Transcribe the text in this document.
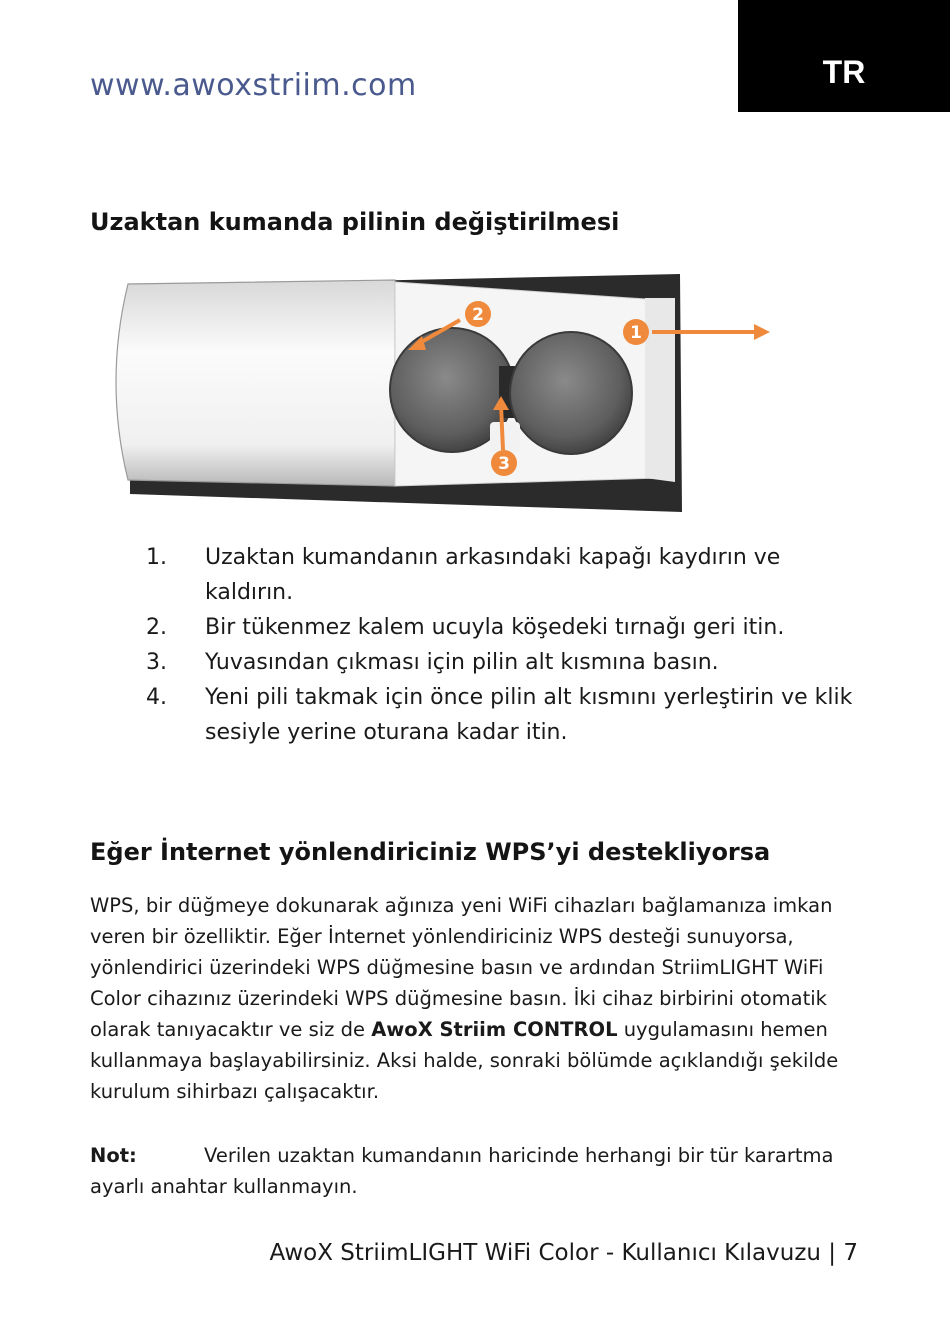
www.awoxstriim.com	TR
Uzaktan kumanda pilinin değiştirilmesi
2
1
3
1. Uzaktan kumandanın arkasındaki kapağı kaydırın ve kaldırın.
2. Bir tükenmez kalem ucuyla köşedeki tırnağı geri itin.
3. Yuvasından çıkması için pilin alt kısmına basın.
4. Yeni pili takmak için önce pilin alt kısmını yerleştirin ve klik sesiyle yerine oturana kadar itin.
Eğer İnternet yönlendiriciniz WPS’yi destekliyorsa

WPS, bir düğmeye dokunarak ağınıza yeni WiFi cihazları bağlamanıza imkan veren bir özelliktir. Eğer İnternet yönlendiriciniz WPS desteği sunuyorsa, yönlendirici üzerindeki WPS düğmesine basın ve ardından StriimLIGHT WiFi Color cihazınız üzerindeki WPS düğmesine basın. İki cihaz birbirini otomatik olarak tanıyacaktır ve siz de AwoX Striim CONTROL uygulamasını hemen kullanmaya başlayabilirsiniz. Aksi halde, sonraki bölümde açıklandığı şekilde kurulum sihirbazı çalışacaktır.

Not:	Verilen uzaktan kumandanın haricinde herhangi bir tür karartma ayarlı anahtar kullanmayın.

AwoX StriimLIGHT WiFi Color - Kullanıcı Kılavuzu | 7
